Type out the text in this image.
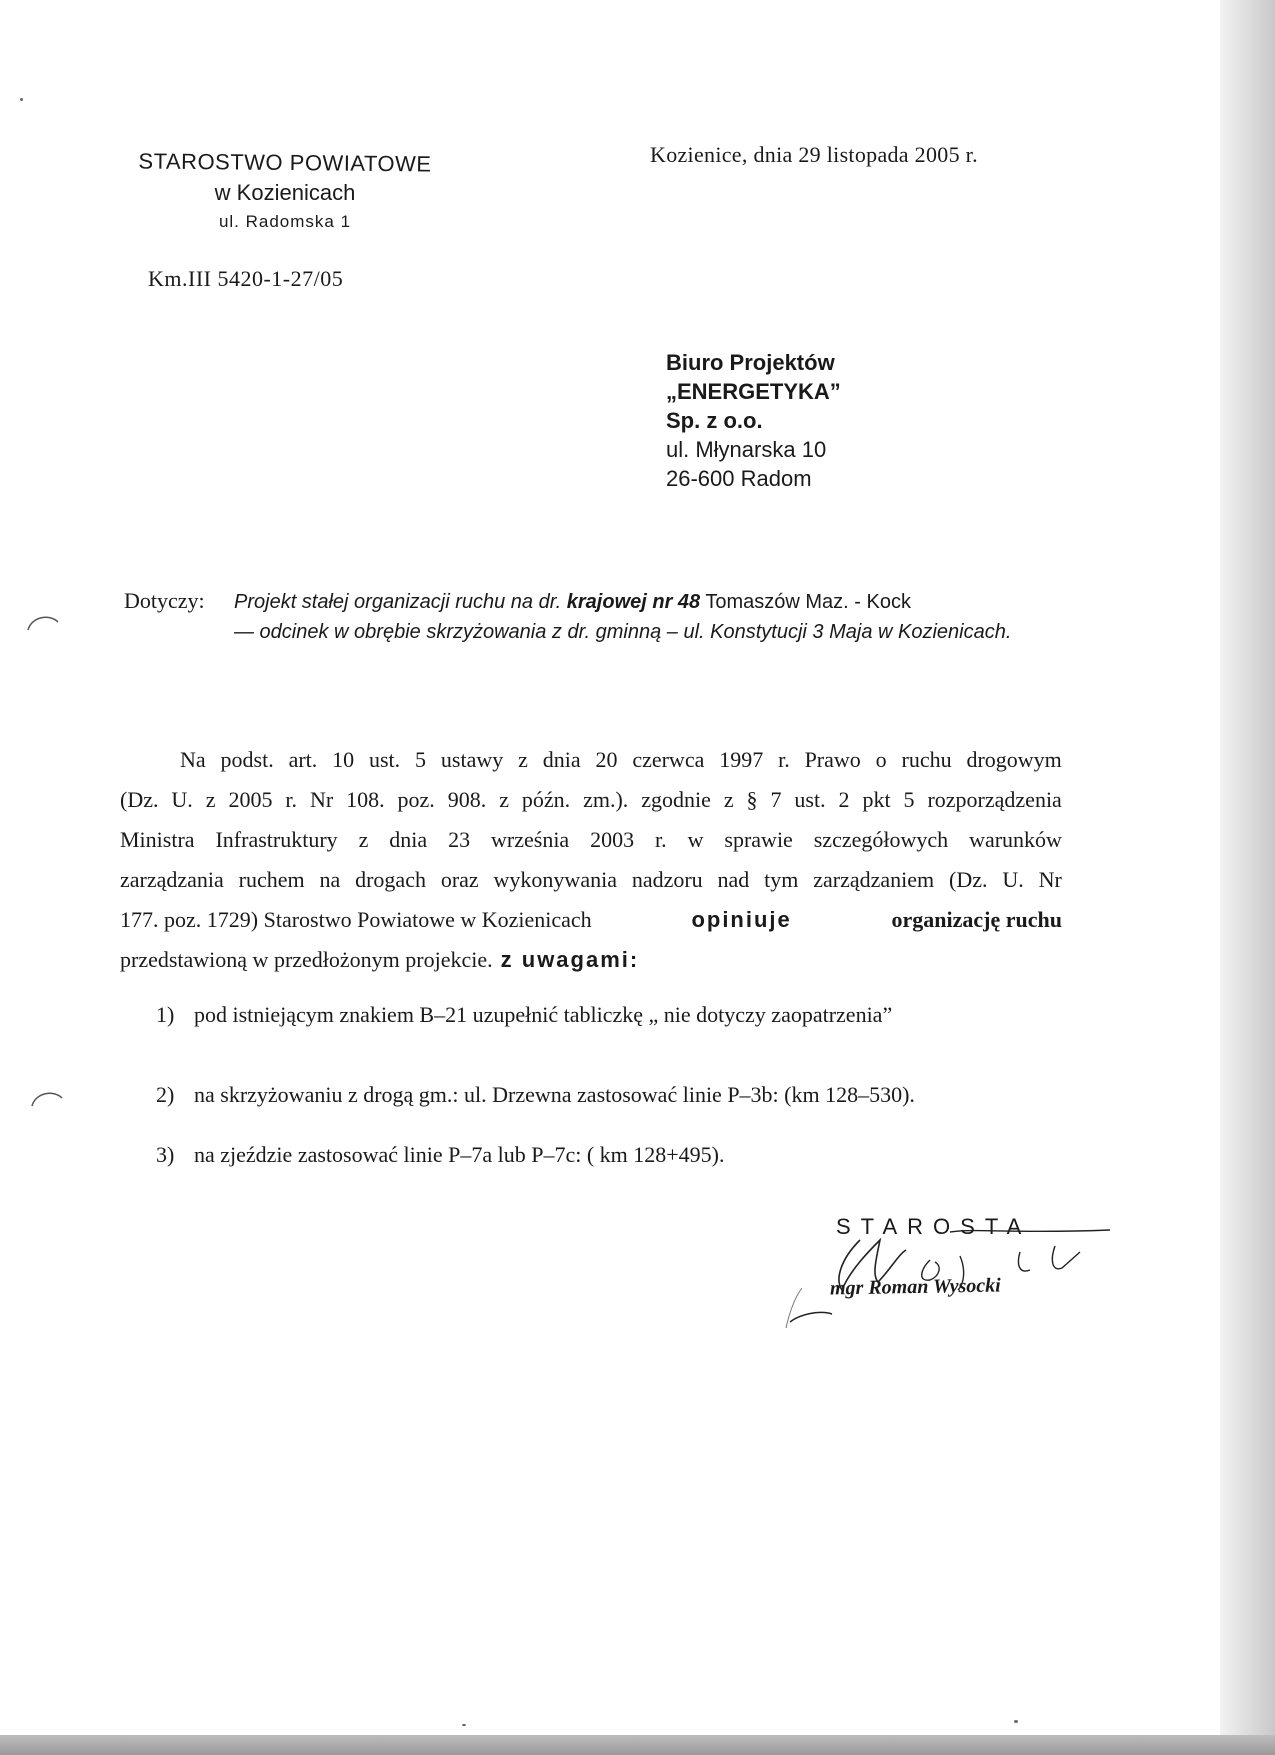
STAROSTWO POWIATOWE
w Kozienicach
ul. Radomska 1
Km.III 5420-1-27/05
Kozienice, dnia 29 listopada 2005 r.
Biuro Projektów
„ENERGETYKA”
Sp. z o.o.
ul. Młynarska 10
26-600 Radom
Dotyczy: Projekt stałej organizacji ruchu na dr. krajowej nr 48 Tomaszów Maz. - Kock
— odcinek w obrębie skrzyżowania z dr. gminną – ul. Konstytucji 3 Maja w Kozienicach.
Na podst. art. 10 ust. 5 ustawy z dnia 20 czerwca 1997 r. Prawo o ruchu drogowym
(Dz. U. z 2005 r. Nr 108. poz. 908. z późn. zm.). zgodnie z § 7 ust. 2 pkt 5 rozporządzenia
Ministra Infrastruktury z dnia 23 września 2003 r. w sprawie szczegółowych warunków
zarządzania ruchem na drogach oraz wykonywania nadzoru nad tym zarządzaniem (Dz. U. Nr
177. poz. 1729) Starostwo Powiatowe w Kozienicach	opiniuje	organizację ruchu
przedstawioną w przedłożonym projekcie. z uwagami:
1) pod istniejącym znakiem B–21 uzupełnić tabliczkę „ nie dotyczy zaopatrzenia”
2) na skrzyżowaniu z drogą gm.: ul. Drzewna zastosować linie P–3b: (km 128–530).
3) na zjeździe zastosować linie P–7a lub P–7c: ( km 128+495).
STAROSTA
mgr Roman Wysocki
